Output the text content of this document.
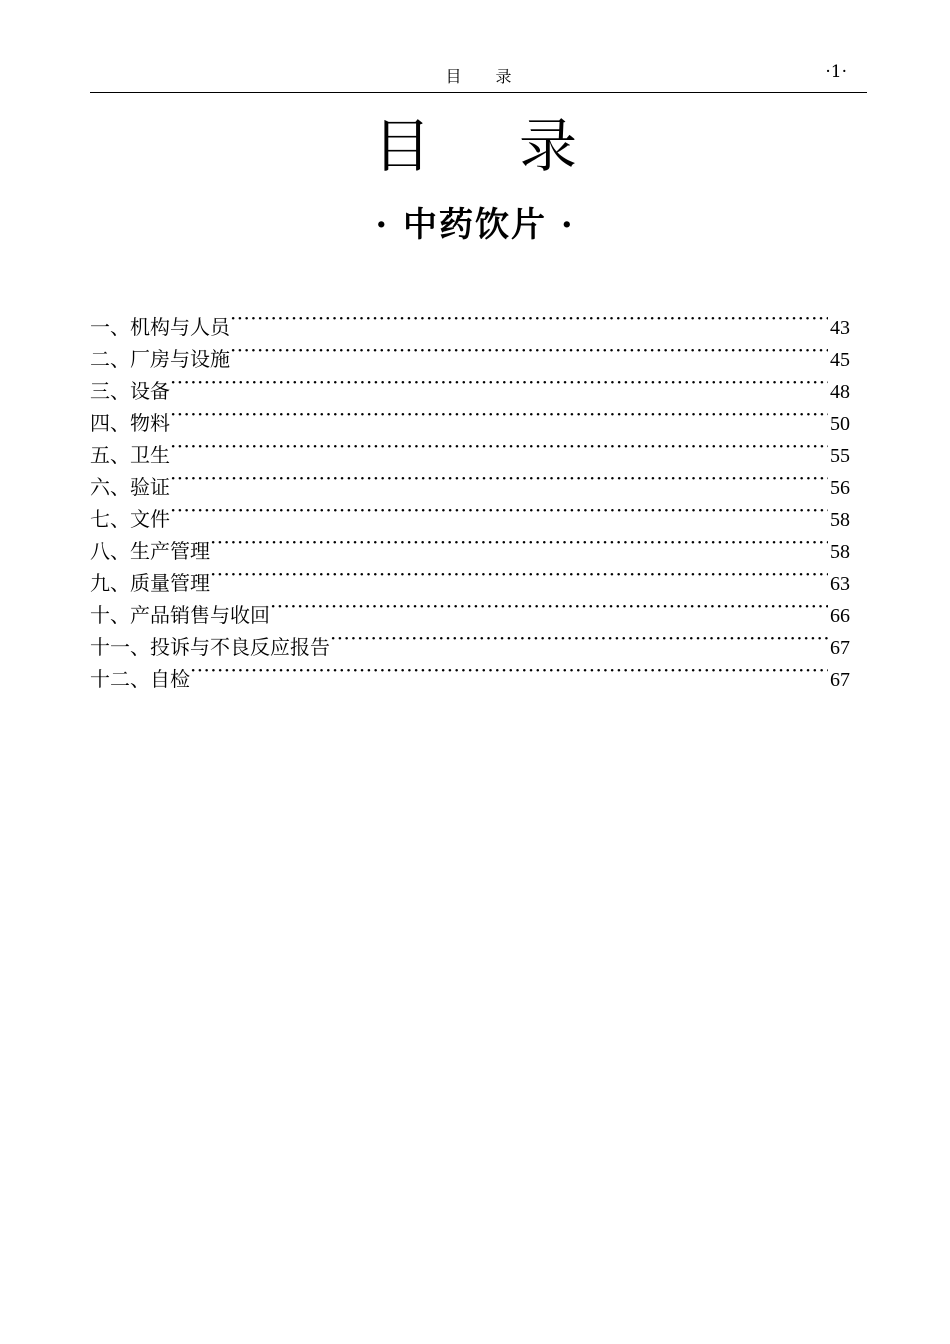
目 录	·1·
目 录
· 中药饮片 ·
一、机构与人员 ·····	43
二、厂房与设施 ·····	45
三、设备 ·····	48
四、物料 ·····	50
五、卫生 ·····	55
六、验证 ·····	56
七、文件 ·····	58
八、生产管理 ·····	58
九、质量管理 ·····	63
十、产品销售与收回 ·····	66
十一、投诉与不良反应报告 ·····	67
十二、自检 ·····	67
